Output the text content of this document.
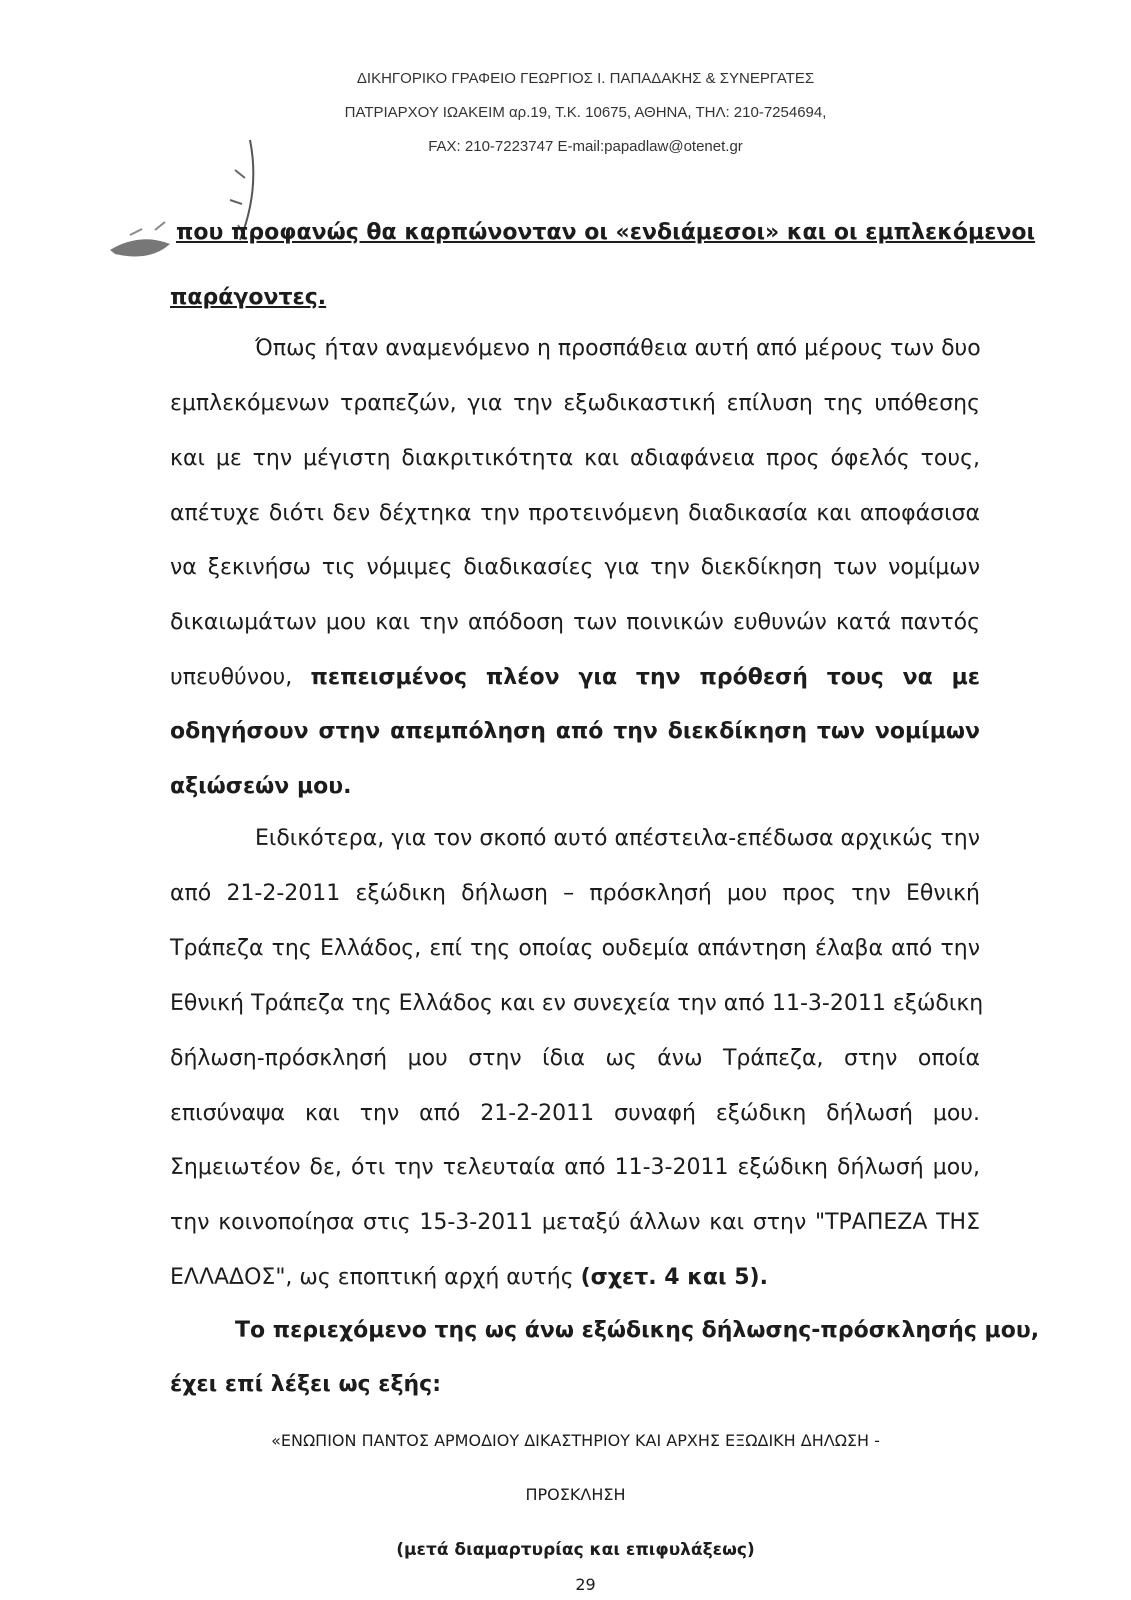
ΔΙΚΗΓΟΡΙΚΟ ΓΡΑΦΕΙΟ ΓΕΩΡΓΙΟΣ Ι. ΠΑΠΑΔΑΚΗΣ & ΣΥΝΕΡΓΑΤΕΣ
ΠΑΤΡΙΑΡΧΟΥ ΙΩΑΚΕΙΜ αρ.19, Τ.Κ. 10675, ΑΘΗΝΑ, ΤΗΛ: 210-7254694,
FAX: 210-7223747 E-mail:papadlaw@otenet.gr
που προφανώς θα καρπώνονταν οι «ενδιάμεσοι» και οι εμπλεκόμενοι
παράγοντες.
Όπως ήταν αναμενόμενο η προσπάθεια αυτή από μέρους των δυο
εμπλεκόμενων τραπεζών, για την εξωδικαστική επίλυση της υπόθεσης
και με την μέγιστη διακριτικότητα και αδιαφάνεια προς όφελός τους,
απέτυχε διότι δεν δέχτηκα την προτεινόμενη διαδικασία και αποφάσισα
να ξεκινήσω τις νόμιμες διαδικασίες για την διεκδίκηση των νομίμων
δικαιωμάτων μου και την απόδοση των ποινικών ευθυνών κατά παντός
υπευθύνου, πεπεισμένος πλέον για την πρόθεσή τους να με
οδηγήσουν στην απεμπόληση από την διεκδίκηση των νομίμων
αξιώσεών μου.
Ειδικότερα, για τον σκοπό αυτό απέστειλα-επέδωσα αρχικώς την
από 21-2-2011 εξώδικη δήλωση – πρόσκλησή μου προς την Εθνική
Τράπεζα της Ελλάδος, επί της οποίας ουδεμία απάντηση έλαβα από την
Εθνική Τράπεζα της Ελλάδος και εν συνεχεία την από 11-3-2011 εξώδικη
δήλωση-πρόσκλησή μου στην ίδια ως άνω Τράπεζα, στην οποία
επισύναψα και την από 21-2-2011 συναφή εξώδικη δήλωσή μου.
Σημειωτέον δε, ότι την τελευταία από 11-3-2011 εξώδικη δήλωσή μου,
την κοινοποίησα στις 15-3-2011 μεταξύ άλλων και στην "ΤΡΑΠΕΖΑ ΤΗΣ
ΕΛΛΑΔΟΣ", ως εποπτική αρχή αυτής (σχετ. 4 και 5).
Το περιεχόμενο της ως άνω εξώδικης δήλωσης-πρόσκλησής μου,
έχει επί λέξει ως εξής:
«ΕΝΩΠΙΟΝ ΠΑΝΤΟΣ ΑΡΜΟΔΙΟΥ ΔΙΚΑΣΤΗΡΙΟΥ ΚΑΙ ΑΡΧΗΣ ΕΞΩΔΙΚΗ ΔΗΛΩΣΗ -
ΠΡΟΣΚΛΗΣΗ
(μετά διαμαρτυρίας και επιφυλάξεως)
29
